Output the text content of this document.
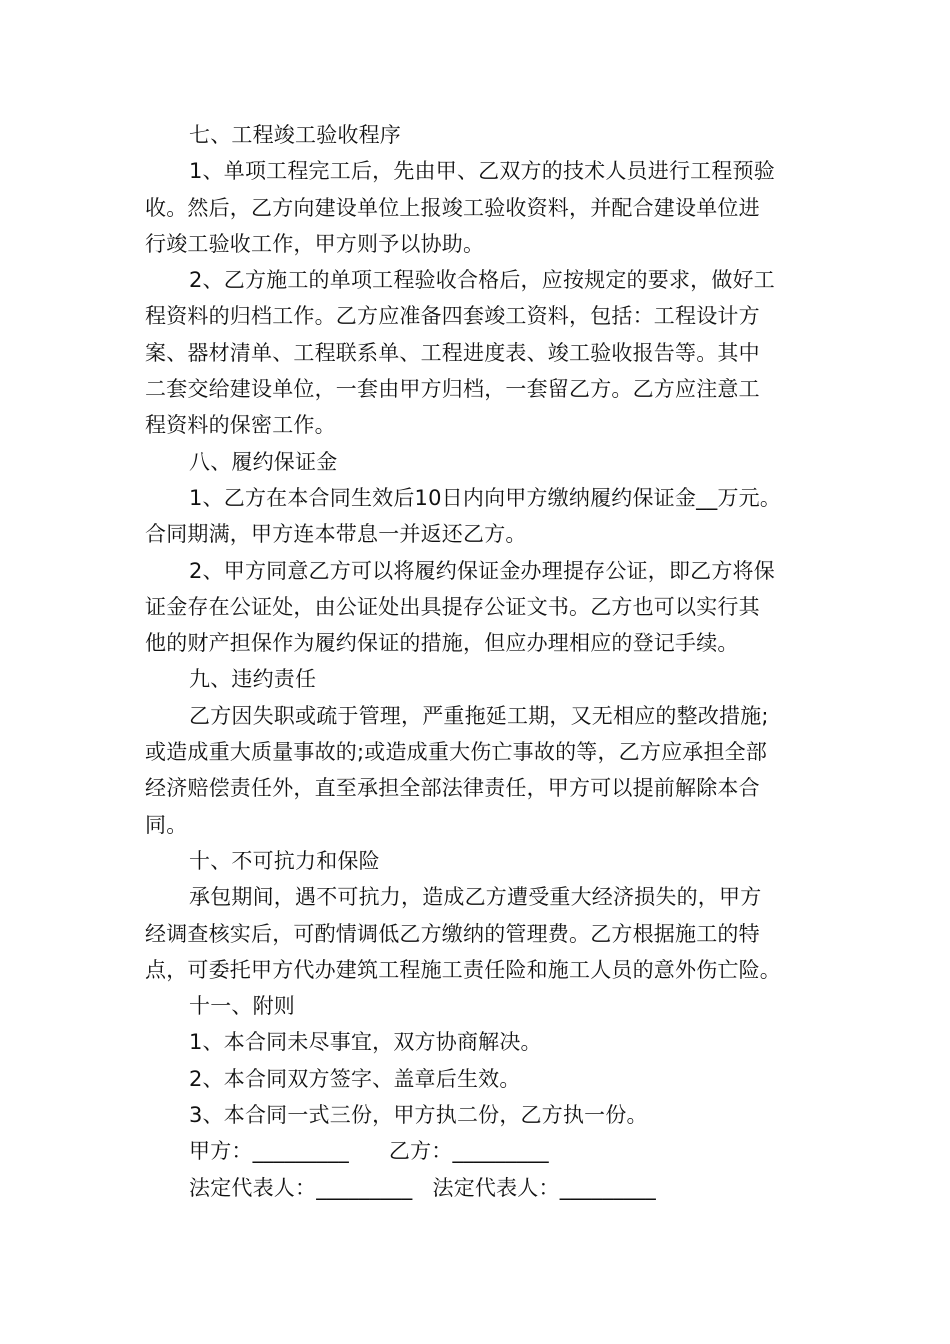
七、工程竣工验收程序
1、单项工程完工后，先由甲、乙双方的技术人员进行工程预验
收。然后，乙方向建设单位上报竣工验收资料，并配合建设单位进
行竣工验收工作，甲方则予以协助。
2、乙方施工的单项工程验收合格后，应按规定的要求，做好工
程资料的归档工作。乙方应准备四套竣工资料，包括：工程设计方
案、器材清单、工程联系单、工程进度表、竣工验收报告等。其中
二套交给建设单位，一套由甲方归档，一套留乙方。乙方应注意工
程资料的保密工作。
八、履约保证金
1、乙方在本合同生效后10日内向甲方缴纳履约保证金__万元。
合同期满，甲方连本带息一并返还乙方。
2、甲方同意乙方可以将履约保证金办理提存公证，即乙方将保
证金存在公证处，由公证处出具提存公证文书。乙方也可以实行其
他的财产担保作为履约保证的措施，但应办理相应的登记手续。
九、违约责任
乙方因失职或疏于管理，严重拖延工期，又无相应的整改措施;
或造成重大质量事故的;或造成重大伤亡事故的等，乙方应承担全部
经济赔偿责任外，直至承担全部法律责任，甲方可以提前解除本合
同。
十、不可抗力和保险
承包期间，遇不可抗力，造成乙方遭受重大经济损失的，甲方
经调查核实后，可酌情调低乙方缴纳的管理费。乙方根据施工的特
点，可委托甲方代办建筑工程施工责任险和施工人员的意外伤亡险。
十一、附则
1、本合同未尽事宜，双方协商解决。
2、本合同双方签字、盖章后生效。
3、本合同一式三份，甲方执二份，乙方执一份。
甲方：_________ 乙方：_________
法定代表人：_________ 法定代表人：_________
